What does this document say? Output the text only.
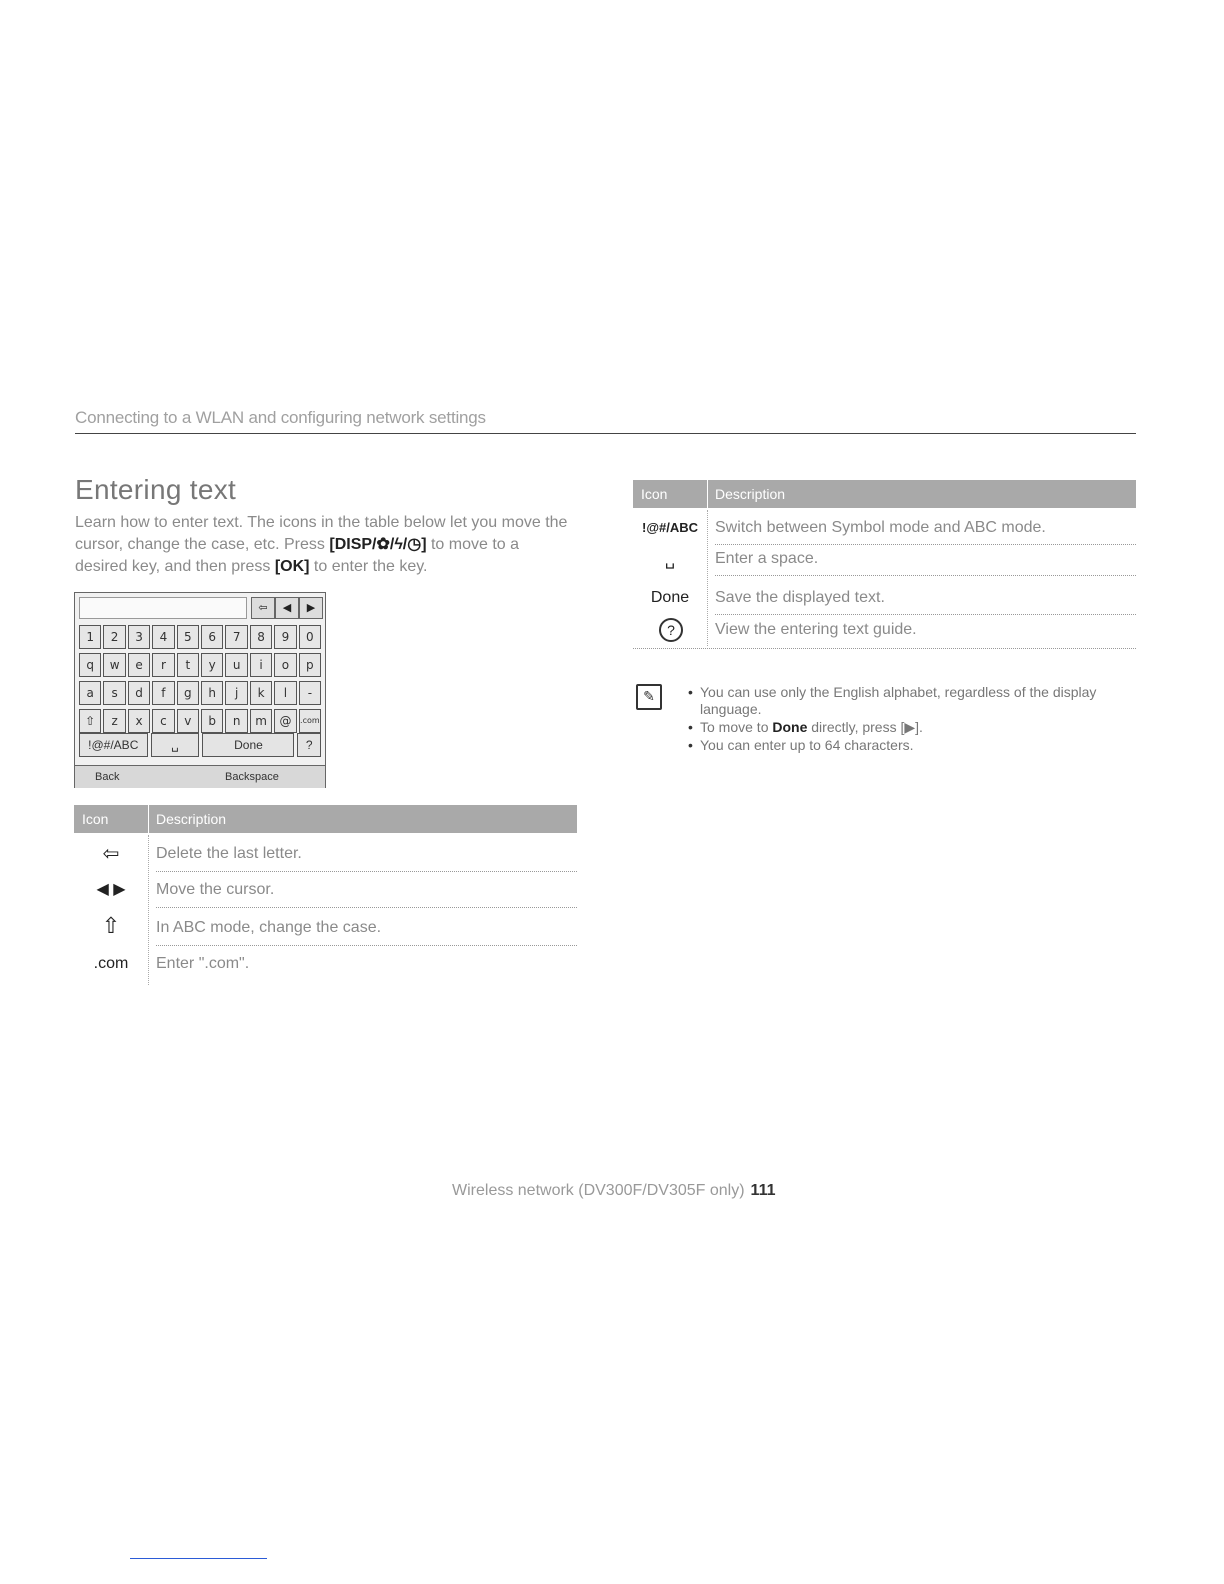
Connecting to a WLAN and configuring network settings
Entering text
Learn how to enter text. The icons in the table below let you move the cursor, change the case, etc. Press [DISP/✿/ϟ/◷] to move to a desired key, and then press [OK] to enter the key.
⇦	◀	▶
1	2	3	4	5	6	7	8	9	0
q	w	e	r	t	y	u	i	o	p
a	s	d	f	g	h	j	k	l	-
⇧	z	x	c	v	b	n	m	@	.com
!@#/ABC	␣	Done	?
Back	Backspace
Icon	Description
⇦	Delete the last letter.
◀ ▶	Move the cursor.
⇧	In ABC mode, change the case.
.com	Enter ".com".
Icon	Description
!@#/ABC	Switch between Symbol mode and ABC mode.
␣	Enter a space.
Done	Save the displayed text.
?	View the entering text guide.
✎
•	You can use only the English alphabet, regardless of the display language.
• To move to Done directly, press [▶].
• You can enter up to 64 characters.
Wireless network (DV300F/DV305F only) 111
